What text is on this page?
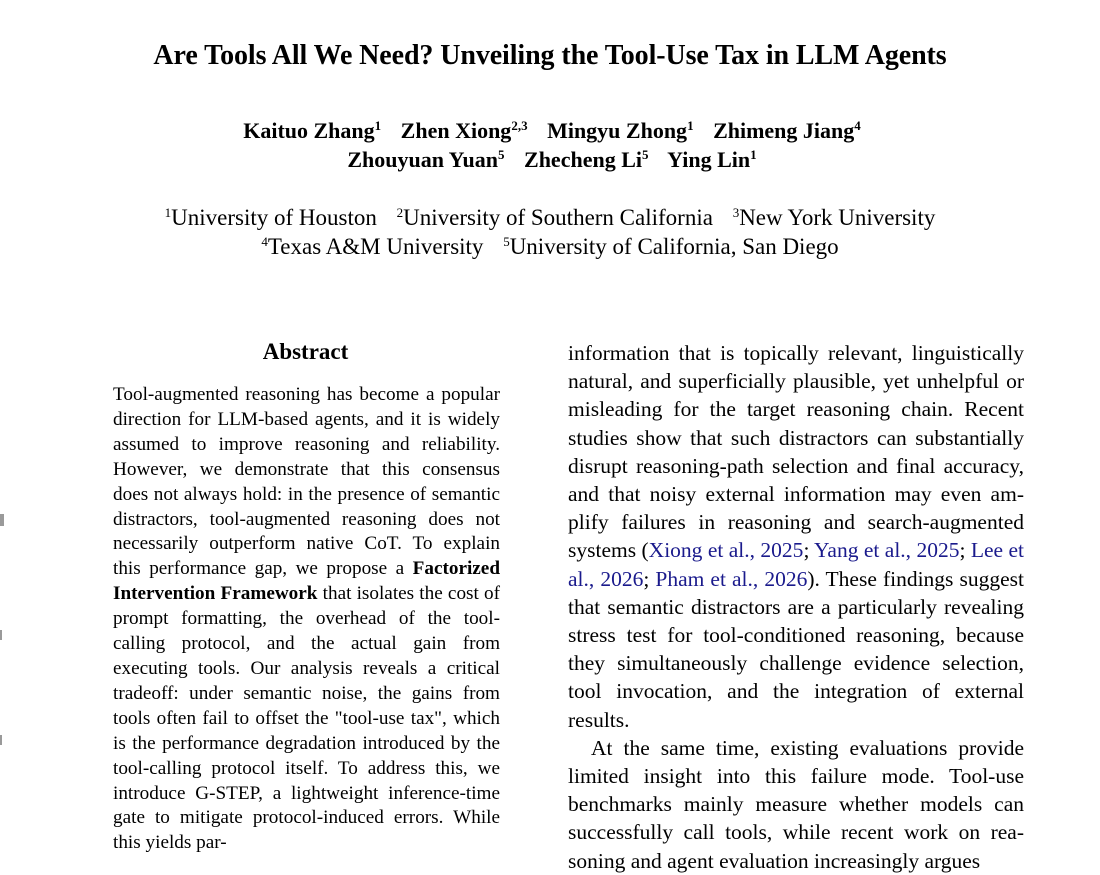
Are Tools All We Need? Unveiling the Tool-Use Tax in LLM Agents
Kaituo Zhang$^1$ Zhen Xiong$^{2,3}$ Mingyu Zhong$^1$ Zhimeng Jiang$^4$
Zhouyuan Yuan$^5$ Zhecheng Li$^5$ Ying Lin$^1$
$^1$University of Houston $^2$University of Southern California $^3$New York University
$^4$Texas A&M University $^5$University of California, San Diego
Abstract
Tool-augmented reasoning has become a popular direction for LLM-based agents, and it is widely assumed to improve reasoning and reliability. However, we demonstrate that this consensus does not always hold: in the presence of semantic distractors, tool-augmented reasoning does not necessarily outperform native CoT. To explain this performance gap, we propose a Factorized Intervention Framework that isolates the cost of prompt formatting, the overhead of the tool-calling protocol, and the actual gain from executing tools. Our analysis reveals a critical tradeoff: under semantic noise, the gains from tools often fail to offset the "tool-use tax", which is the performance degradation introduced by the tool-calling protocol itself. To address this, we introduce G-STEP, a lightweight inference-time gate to mitigate protocol-induced errors. While this yields par-

information that is topically relevant, linguistically natural, and superficially plausible, yet unhelpful or misleading for the target reasoning chain. Recent studies show that such distractors can substantially disrupt reasoning-path selection and final accuracy, and that noisy external information may even amplify failures in reasoning and search-augmented systems (Xiong et al., 2025; Yang et al., 2025; Lee et al., 2026; Pham et al., 2026). These findings suggest that semantic distractors are a particularly revealing stress test for tool-conditioned reasoning, because they simultaneously challenge evidence selection, tool invocation, and the integration of external results.

At the same time, existing evaluations provide limited insight into this failure mode. Tool-use benchmarks mainly measure whether models can successfully call tools, while recent work on reasoning and agent evaluation increasingly argues
